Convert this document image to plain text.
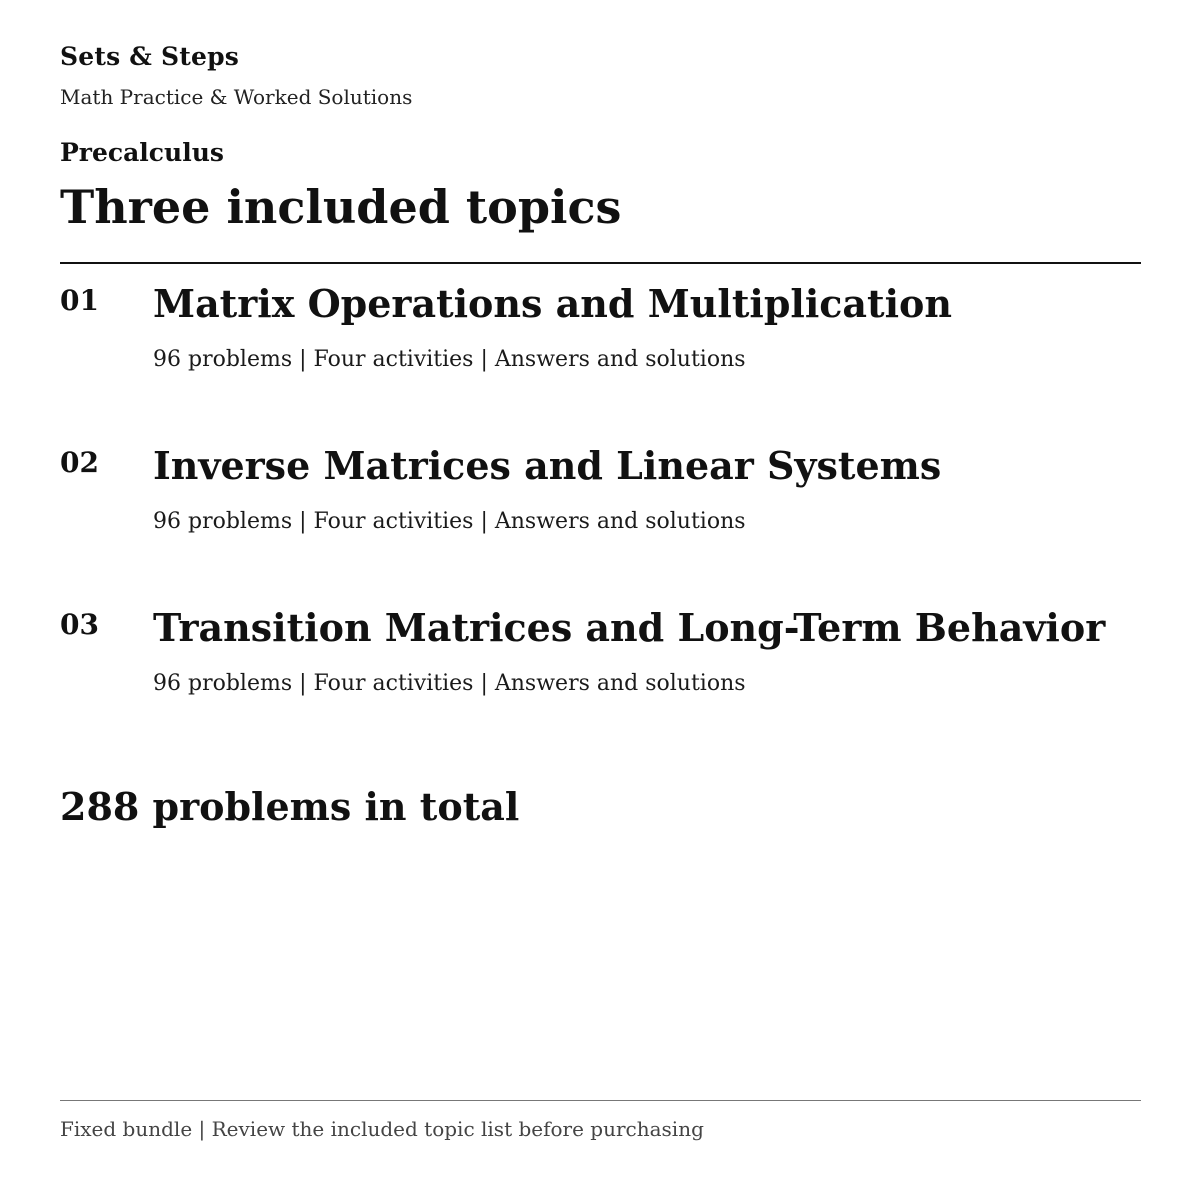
Sets & Steps
Math Practice & Worked Solutions
Precalculus
Three included topics
01 Matrix Operations and Multiplication
96 problems | Four activities | Answers and solutions
02 Inverse Matrices and Linear Systems
96 problems | Four activities | Answers and solutions
03 Transition Matrices and Long-Term Behavior
96 problems | Four activities | Answers and solutions
288 problems in total
Fixed bundle | Review the included topic list before purchasing
